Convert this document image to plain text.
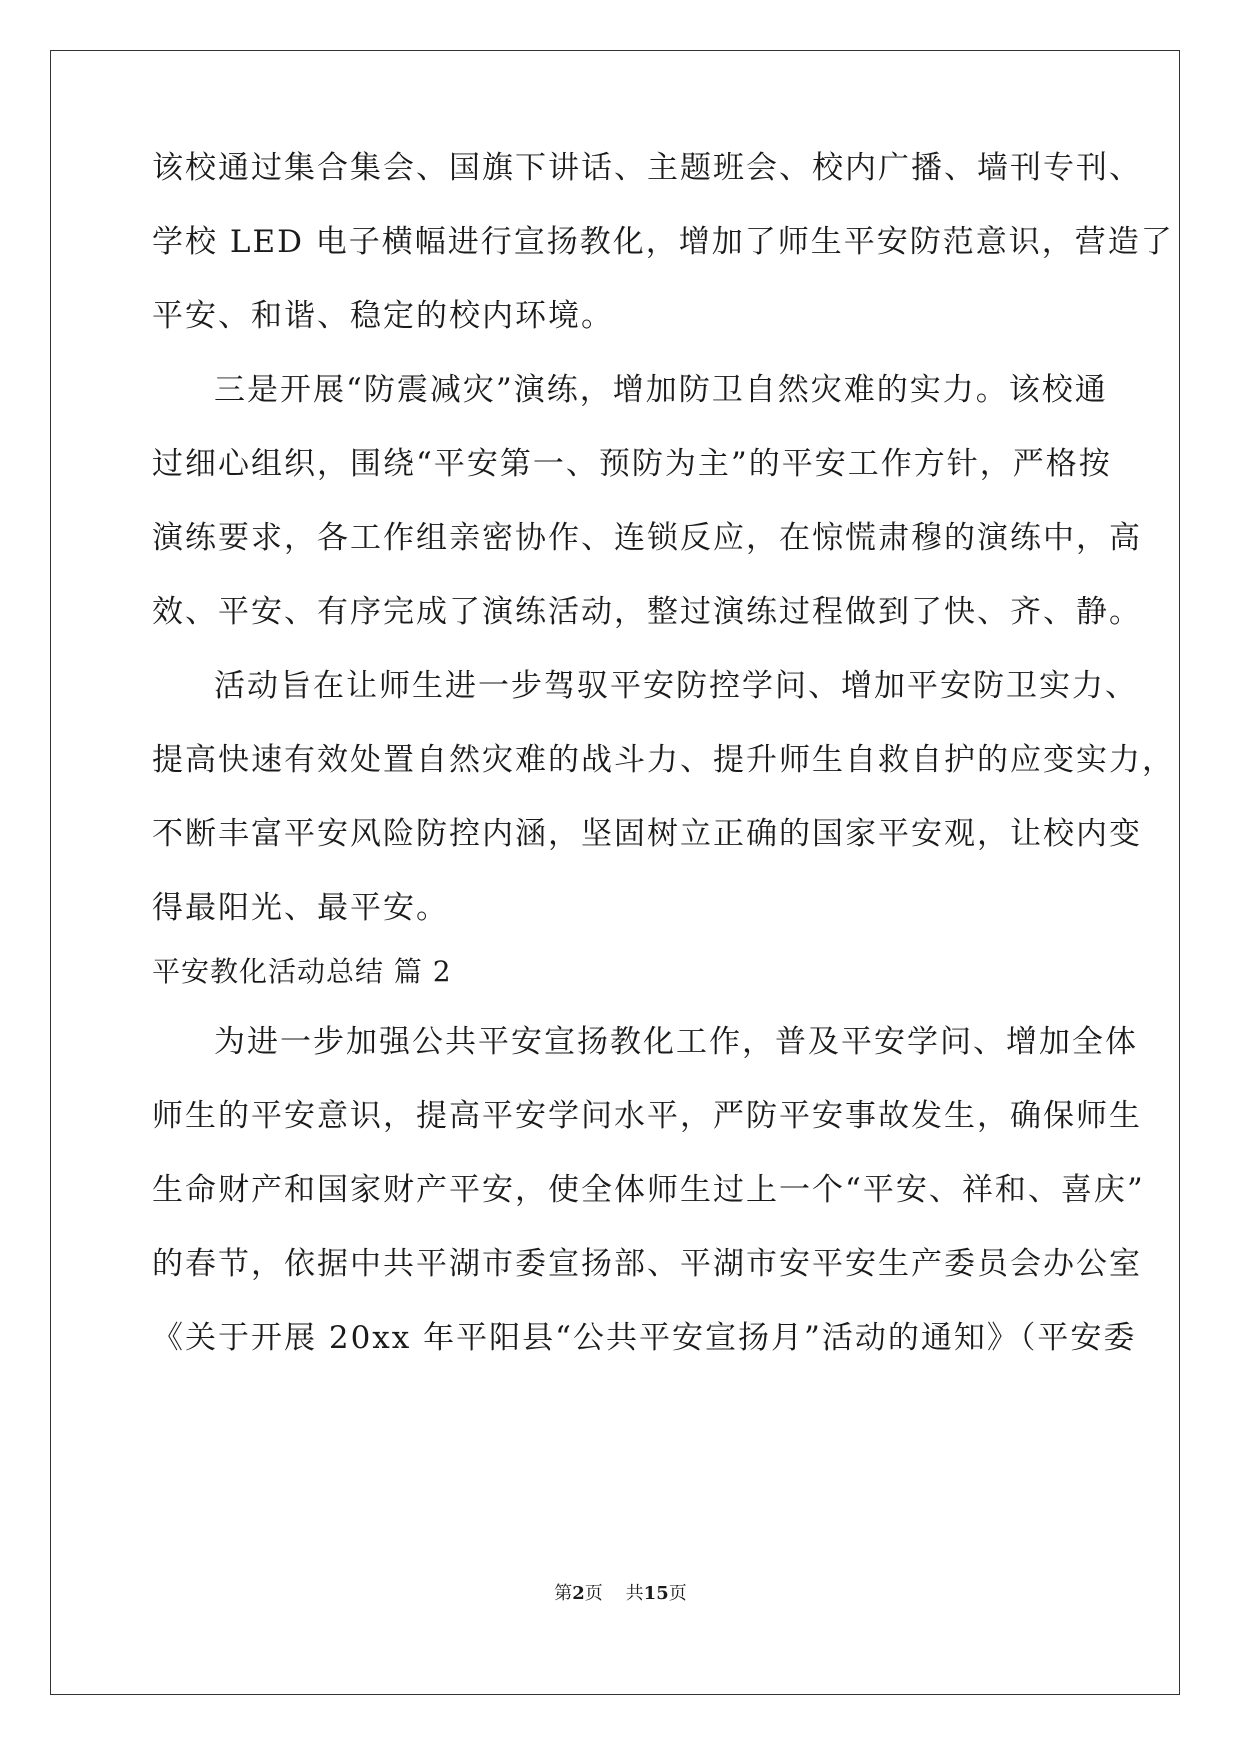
该校通过集合集会、国旗下讲话、主题班会、校内广播、墙刊专刊、
学校 LED 电子横幅进行宣扬教化，增加了师生平安防范意识，营造了
平安、和谐、稳定的校内环境。
三是开展“防震减灾”演练，增加防卫自然灾难的实力。该校通
过细心组织，围绕“平安第一、预防为主”的平安工作方针，严格按
演练要求，各工作组亲密协作、连锁反应，在惊慌肃穆的演练中，高
效、平安、有序完成了演练活动，整过演练过程做到了快、齐、静。
活动旨在让师生进一步驾驭平安防控学问、增加平安防卫实力、
提高快速有效处置自然灾难的战斗力、提升师生自救自护的应变实力，
不断丰富平安风险防控内涵，坚固树立正确的国家平安观，让校内变
得最阳光、最平安。
平安教化活动总结 篇 2
为进一步加强公共平安宣扬教化工作，普及平安学问、增加全体
师生的平安意识，提高平安学问水平，严防平安事故发生，确保师生
生命财产和国家财产平安，使全体师生过上一个“平安、祥和、喜庆”
的春节，依据中共平湖市委宣扬部、平湖市安平安生产委员会办公室
《关于开展 20xx 年平阳县“公共平安宣扬月”活动的通知》（平安委
第2页 共15页
